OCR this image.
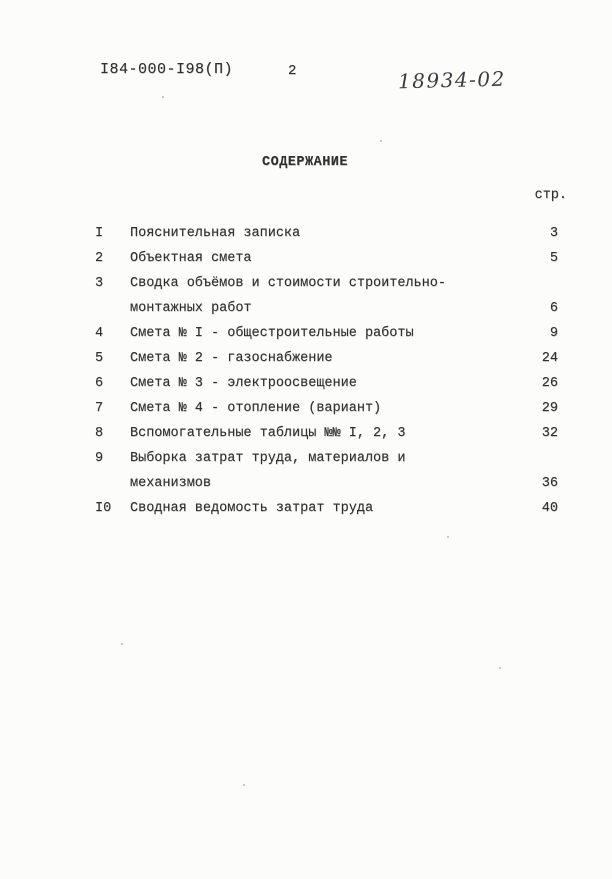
I84-000-I98(П)	2	18934-02
СОДЕРЖАНИЕ
стр.
I	Пояснительная записка	3
2	Объектная смета	5
3	Сводка объёмов и стоимости строительно-
монтажных работ	6
4	Смета № I - общестроительные работы	9
5	Смета № 2 - газоснабжение	24
6	Смета № 3 - электроосвещение	26
7	Смета № 4 - отопление (вариант)	29
8	Вспомогательные таблицы №№ I, 2, 3	32
9	Выборка затрат труда, материалов и
механизмов	36
I0	Сводная ведомость затрат труда	40
